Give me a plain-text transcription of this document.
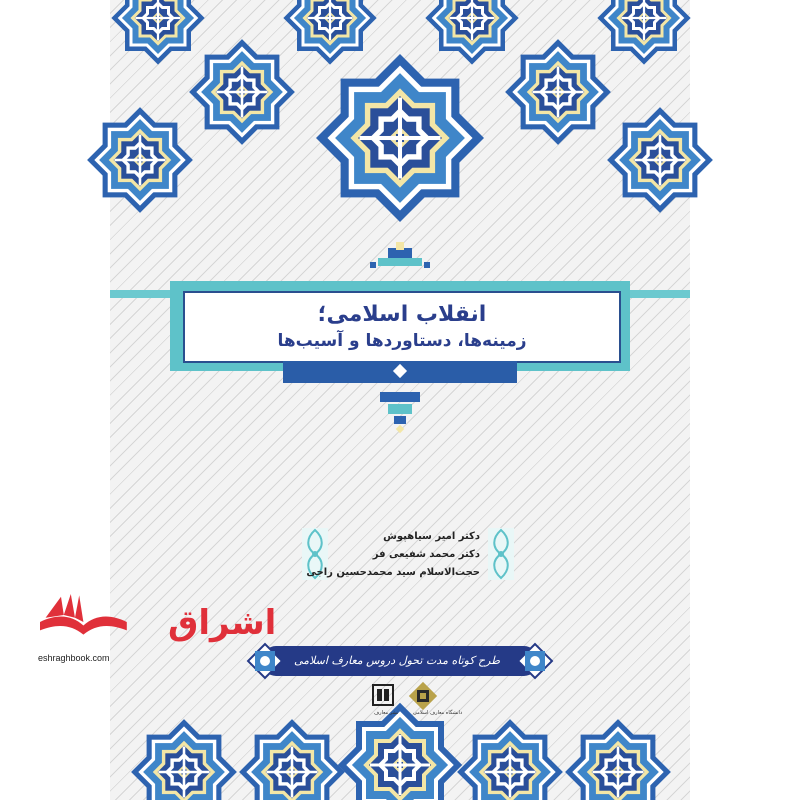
انقلاب اسلامی؛
زمینه‌ها، دستاوردها و آسیب‌ها
دکتر امیر سیاهپوش
دکتر محمد شفیعی فر
حجت‌الاسلام سید محمدحسین راجی
طرح کوتاه مدت تحول دروس معارف اسلامی
دانشگاه معارف اسلامی
نشر معارف
اشراق
eshraghbook.com
